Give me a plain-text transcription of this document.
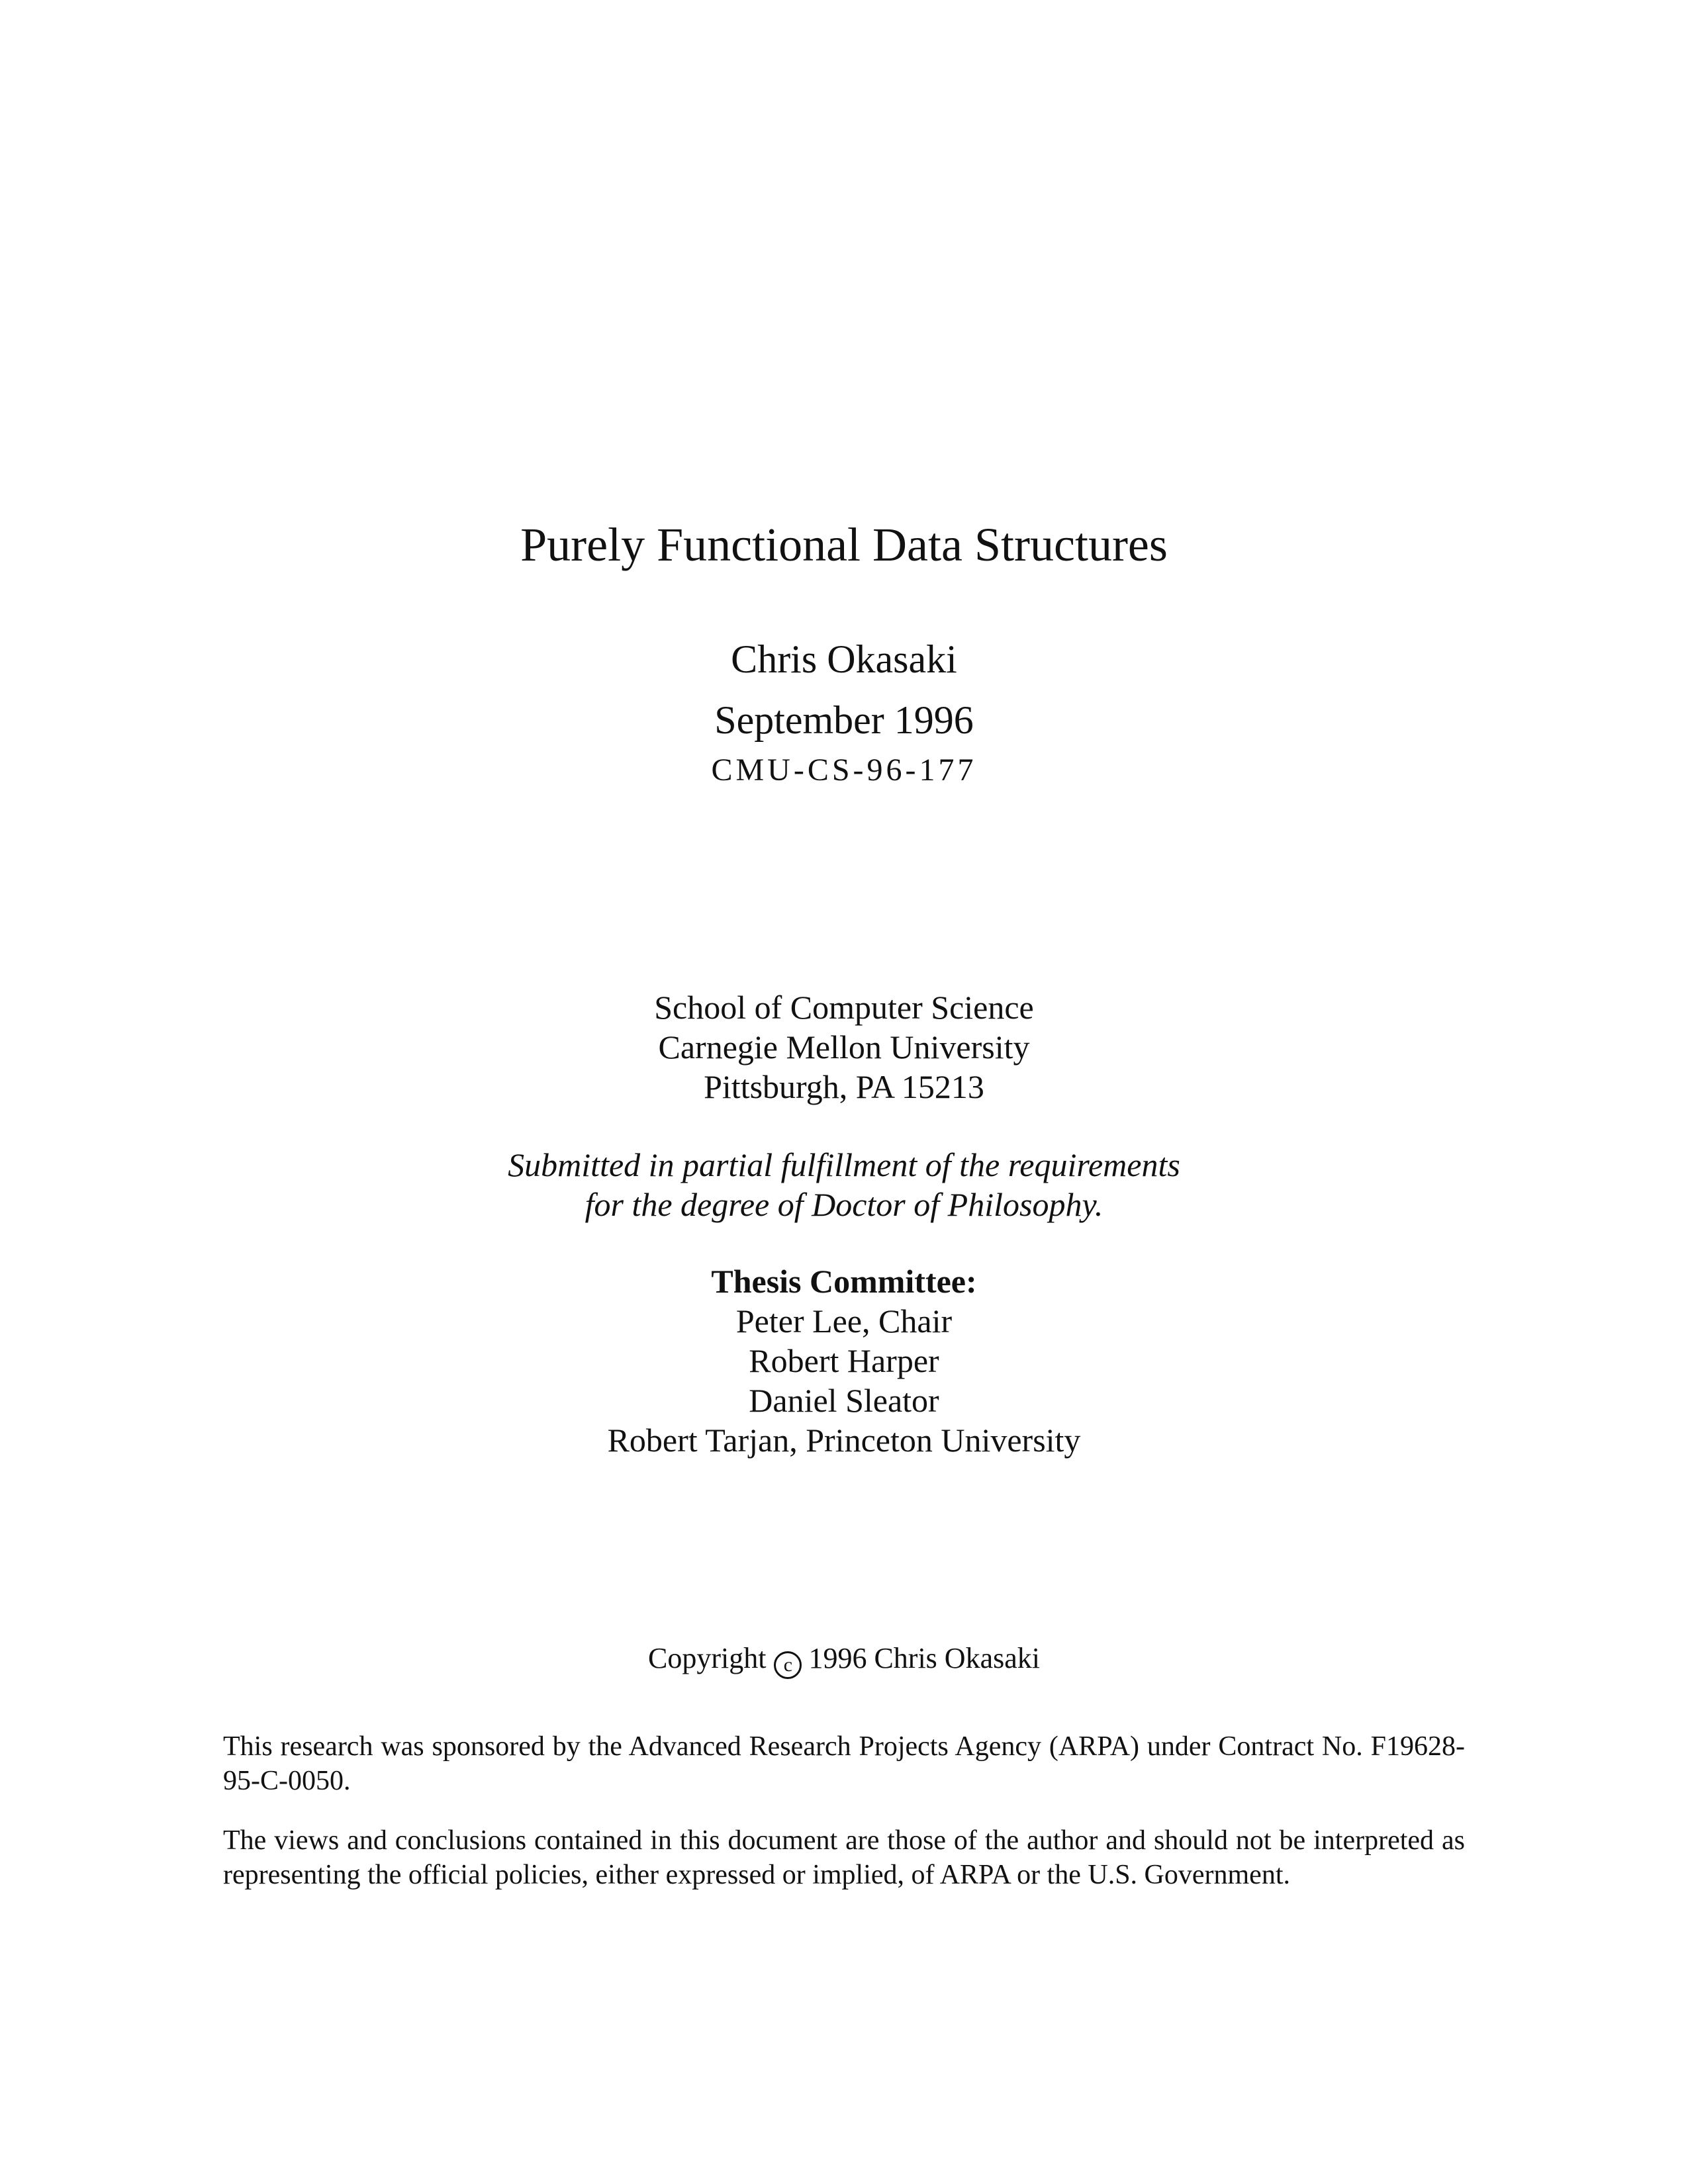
Purely Functional Data Structures
Chris Okasaki
September 1996
CMU-CS-96-177
School of Computer Science
Carnegie Mellon University
Pittsburgh, PA 15213
Submitted in partial fulfillment of the requirements
for the degree of Doctor of Philosophy.
Thesis Committee:
Peter Lee, Chair
Robert Harper
Daniel Sleator
Robert Tarjan, Princeton University
Copyright c 1996 Chris Okasaki
This research was sponsored by the Advanced Research Projects Agency (ARPA) under Contract No. F19628-95-C-0050.
The views and conclusions contained in this document are those of the author and should not be interpreted as representing the official policies, either expressed or implied, of ARPA or the U.S. Government.
